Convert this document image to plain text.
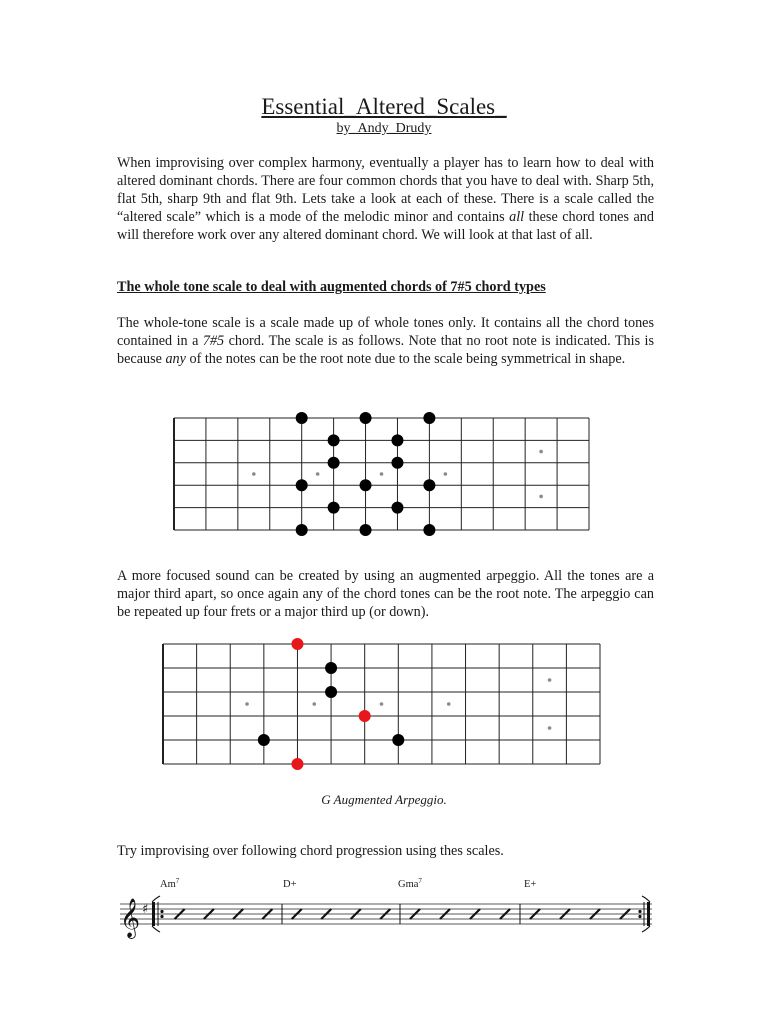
Essential_Altered_Scales_
by_Andy_Drudy
When improvising over complex harmony, eventually a player has to learn how to deal with altered dominant chords. There are four common chords that you have to deal with. Sharp 5th, flat 5th, sharp 9th and flat 9th. Lets take a look at each of these. There is a scale called the “altered scale” which is a mode of the melodic minor and contains all these chord tones and will therefore work over any altered dominant chord. We will look at that last of all.
The whole tone scale to deal with augmented chords of 7#5 chord types
The whole-tone scale is a scale made up of whole tones only. It contains all the chord tones contained in a 7#5 chord. The scale is as follows. Note that no root note is indicated. This is because any of the notes can be the root note due to the scale being symmetrical in shape.
A more focused sound can be created by using an augmented arpeggio. All the tones are a major third apart, so once again any of the chord tones can be the root note. The arpeggio can be repeated up four frets or a major third up (or down).
G Augmented Arpeggio.
Try improvising over following chord progression using thes scales.
𝄞 ♯
Am$^7$	D+	Gma$^7$	E+
